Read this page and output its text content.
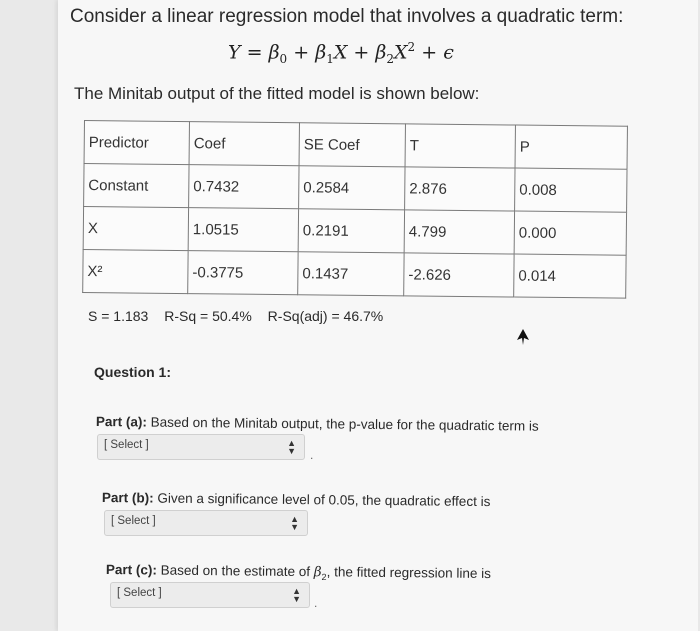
Consider a linear regression model that involves a quadratic term:
$Y = \beta_0 + \beta_1X + \beta_2X^2 + \epsilon$
The Minitab output of the fitted model is shown below:
Predictor	Coef	SE Coef	T	P
Constant	0.7432	0.2584	2.876	0.008
X	1.0515	0.2191	4.799	0.000
X²	-0.3775	0.1437	-2.626	0.014
S = 1.183 R-Sq = 50.4% R-Sq(adj) = 46.7%
Question 1:
Part (a): Based on the Minitab output, the p-value for the quadratic term is
[ Select ]	▲
▼ .
Part (b): Given a significance level of 0.05, the quadratic effect is
[ Select ]	▲
▼
Part (c): Based on the estimate of $\beta_2$, the fitted regression line is
[ Select ]	▲
▼ .
